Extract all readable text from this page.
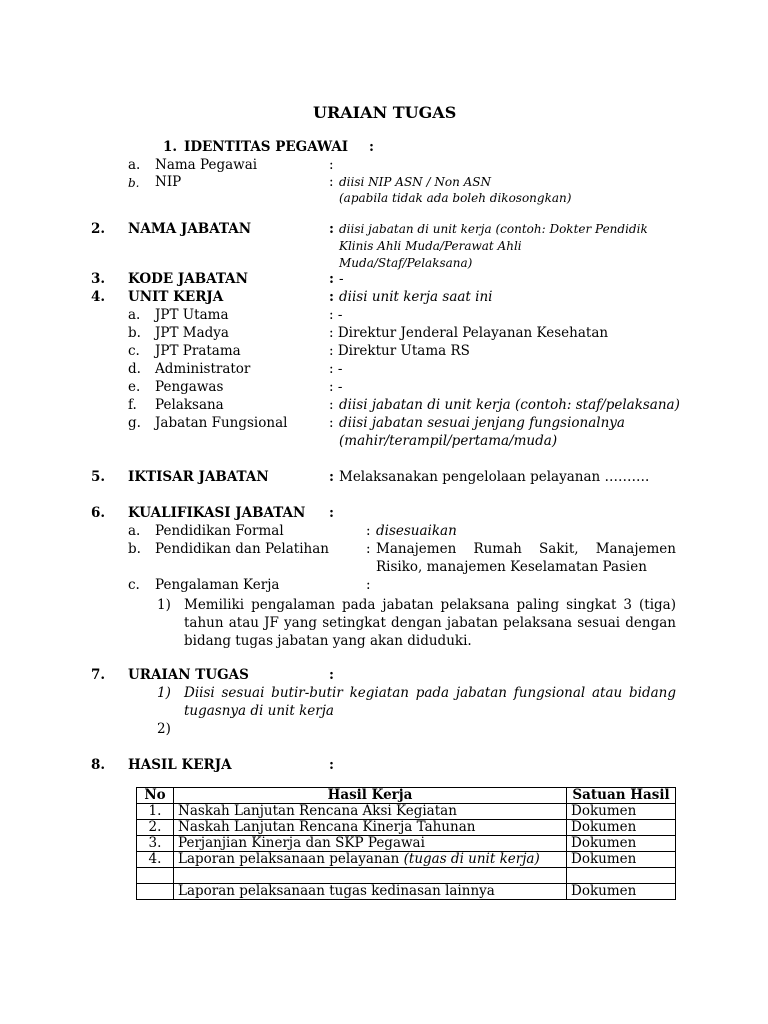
URAIAN TUGAS
1. IDENTITAS PEGAWAI :
a. Nama Pegawai	:
b. NIP	: diisi NIP ASN / Non ASN
(apabila tidak ada boleh dikosongkan)
2. NAMA JABATAN	: diisi jabatan di unit kerja (contoh: Dokter Pendidik
Klinis Ahli Muda/Perawat Ahli
Muda/Staf/Pelaksana)
3. KODE JABATAN	: -
4. UNIT KERJA	: diisi unit kerja saat ini
a. JPT Utama	: -
b. JPT Madya	: Direktur Jenderal Pelayanan Kesehatan
c. JPT Pratama	: Direktur Utama RS
d. Administrator	: -
e. Pengawas	: -
f. Pelaksana	: diisi jabatan di unit kerja (contoh: staf/pelaksana)
g. Jabatan Fungsional	: diisi jabatan sesuai jenjang fungsionalnya
(mahir/terampil/pertama/muda)
5. IKTISAR JABATAN	: Melaksanakan pengelolaan pelayanan ……….
6. KUALIFIKASI JABATAN :
a. Pendidikan Formal	: disesuaikan
b. Pendidikan dan Pelatihan	: Manajemen Rumah Sakit, Manajemen
Risiko, manajemen Keselamatan Pasien
c. Pengalaman Kerja	:
1) Memiliki pengalaman pada jabatan pelaksana paling singkat 3 (tiga) tahun atau JF yang setingkat dengan jabatan pelaksana sesuai dengan bidang tugas jabatan yang akan diduduki.
7. URAIAN TUGAS	:
1) Diisi sesuai butir-butir kegiatan pada jabatan fungsional atau bidang tugasnya di unit kerja
2)
8. HASIL KERJA	:
No	Hasil Kerja	Satuan Hasil
1.	Naskah Lanjutan Rencana Aksi Kegiatan	Dokumen
2.	Naskah Lanjutan Rencana Kinerja Tahunan	Dokumen
3.	Perjanjian Kinerja dan SKP Pegawai	Dokumen
4.	Laporan pelaksanaan pelayanan (tugas di unit kerja)	Dokumen

	Laporan pelaksanaan tugas kedinasan lainnya	Dokumen
